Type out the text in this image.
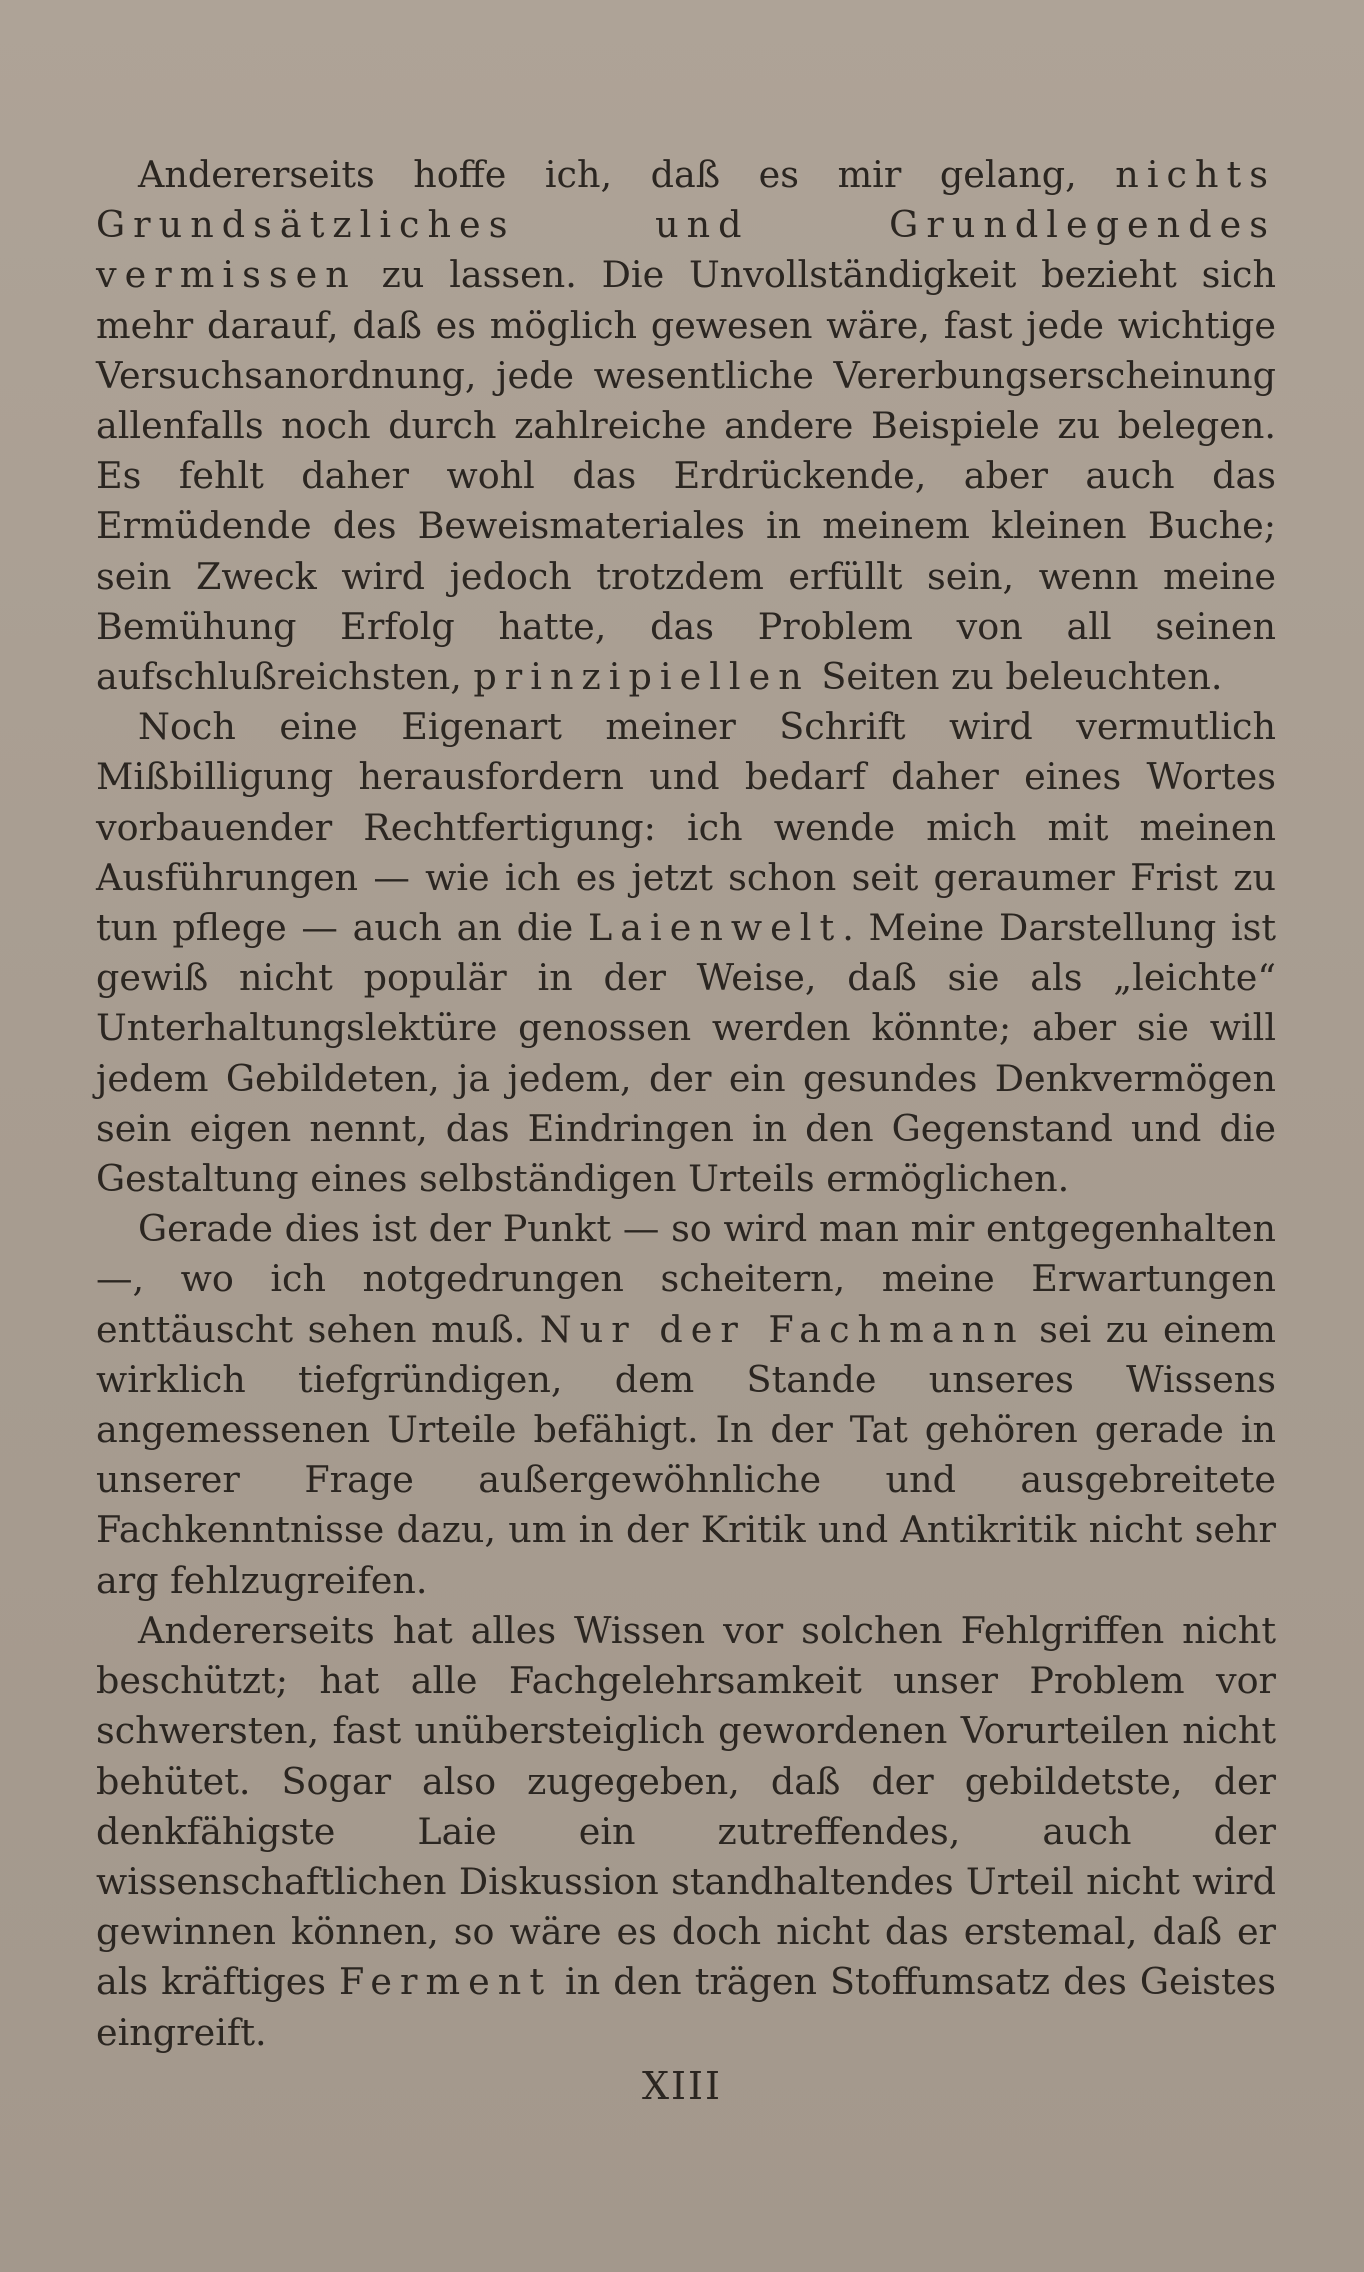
Andererseits hoffe ich, daß es mir gelang, nichts Grundsätzliches und Grundlegendes vermissen zu lassen. Die Unvollständigkeit bezieht sich mehr darauf, daß es möglich gewesen wäre, fast jede wichtige Versuchsanordnung, jede wesentliche Vererbungserscheinung allenfalls noch durch zahlreiche andere Beispiele zu belegen. Es fehlt daher wohl das Erdrückende, aber auch das Ermüdende des Beweismateriales in meinem kleinen Buche; sein Zweck wird jedoch trotzdem erfüllt sein, wenn meine Bemühung Erfolg hatte, das Problem von all seinen aufschlußreichsten, prinzipiellen Seiten zu beleuchten.

Noch eine Eigenart meiner Schrift wird vermutlich Mißbilligung herausfordern und bedarf daher eines Wortes vorbauender Rechtfertigung: ich wende mich mit meinen Ausführungen — wie ich es jetzt schon seit geraumer Frist zu tun pflege — auch an die Laienwelt. Meine Darstellung ist gewiß nicht populär in der Weise, daß sie als „leichte“ Unterhaltungslektüre genossen werden könnte; aber sie will jedem Gebildeten, ja jedem, der ein gesundes Denkvermögen sein eigen nennt, das Eindringen in den Gegenstand und die Gestaltung eines selbständigen Urteils ermöglichen.

Gerade dies ist der Punkt — so wird man mir entgegenhalten —, wo ich notgedrungen scheitern, meine Erwartungen enttäuscht sehen muß. Nur der Fachmann sei zu einem wirklich tiefgründigen, dem Stande unseres Wissens angemessenen Urteile befähigt. In der Tat gehören gerade in unserer Frage außergewöhnliche und ausgebreitete Fachkenntnisse dazu, um in der Kritik und Antikritik nicht sehr arg fehlzugreifen.

Andererseits hat alles Wissen vor solchen Fehlgriffen nicht beschützt; hat alle Fachgelehrsamkeit unser Problem vor schwersten, fast unübersteiglich gewordenen Vorurteilen nicht behütet. Sogar also zugegeben, daß der gebildetste, der denkfähigste Laie ein zutreffendes, auch der wissenschaftlichen Diskussion standhaltendes Urteil nicht wird gewinnen können, so wäre es doch nicht das erstemal, daß er als kräftiges Ferment in den trägen Stoffumsatz des Geistes eingreift.

XIII
